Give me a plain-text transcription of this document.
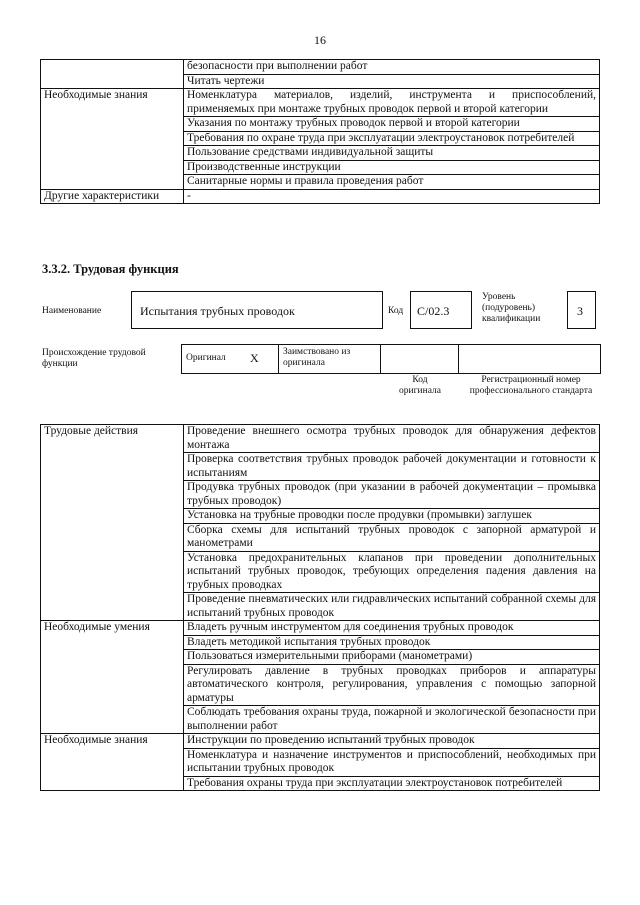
16
	безопасности при выполнении работ
	Читать чертежи
Необходимые знания	Номенклатура материалов, изделий, инструмента и приспособлений, применяемых при монтаже трубных проводок первой и второй категории
	Указания по монтажу трубных проводок первой и второй категории
	Требования по охране труда при эксплуатации электроустановок потребителей
	Пользование средствами индивидуальной защиты
	Производственные инструкции
	Санитарные нормы и правила проведения работ
Другие характеристики	-
3.3.2. Трудовая функция
Наименование	Испытания трубных проводок	Код С/02.3
Уровень (подуровень) квалификации
3
Происхождение трудовой функции
Оригинал X	Заимствовано из оригинала
Код оригинала
Регистрационный номер профессионального стандарта
Трудовые действия	Проведение внешнего осмотра трубных проводок для обнаружения дефектов монтажа
	Проверка соответствия трубных проводок рабочей документации и готовности к испытаниям
	Продувка трубных проводок (при указании в рабочей документации – промывка трубных проводок)
	Установка на трубные проводки после продувки (промывки) заглушек
	Сборка схемы для испытаний трубных проводок с запорной арматурой и манометрами
	Установка предохранительных клапанов при проведении дополнительных испытаний трубных проводок, требующих определения падения давления на трубных проводках
	Проведение пневматических или гидравлических испытаний собранной схемы для испытаний трубных проводок
Необходимые умения	Владеть ручным инструментом для соединения трубных проводок
	Владеть методикой испытания трубных проводок
	Пользоваться измерительными приборами (манометрами)
	Регулировать давление в трубных проводках приборов и аппаратуры автоматического контроля, регулирования, управления с помощью запорной арматуры
	Соблюдать требования охраны труда, пожарной и экологической безопасности при выполнении работ
Необходимые знания	Инструкции по проведению испытаний трубных проводок
	Номенклатура и назначение инструментов и приспособлений, необходимых при испытании трубных проводок
	Требования охраны труда при эксплуатации электроустановок потребителей
